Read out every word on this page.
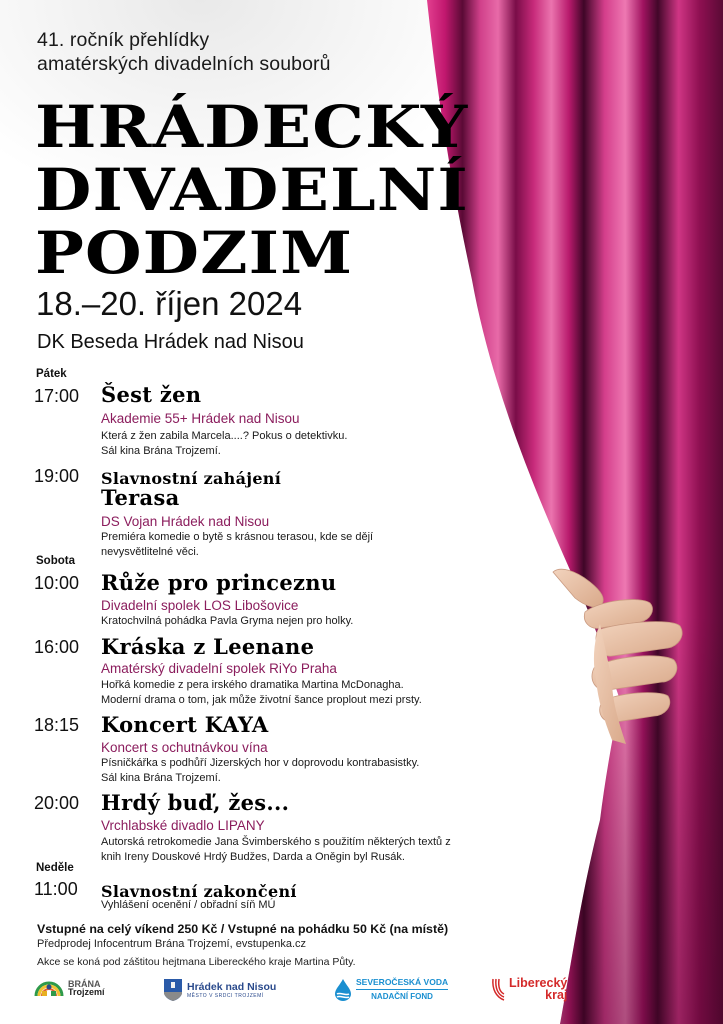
41. ročník přehlídky
amatérských divadelních souborů
HRÁDECKÝ
DIVADELNÍ
PODZIM
18.–20. říjen 2024
DK Beseda Hrádek nad Nisou
Pátek
17:00 Šest žen
Akademie 55+ Hrádek nad Nisou
Která z žen zabila Marcela....? Pokus o detektivku.
Sál kina Brána Trojzemí.
19:00 Slavnostní zahájení
Terasa
DS Vojan Hrádek nad Nisou
Premiéra komedie o bytě s krásnou terasou, kde se dějí
nevysvětlitelné věci.
Sobota
10:00 Růže pro princeznu
Divadelní spolek LOS Libošovice
Kratochvilná pohádka Pavla Gryma nejen pro holky.
16:00 Kráska z Leenane
Amatérský divadelní spolek RiYo Praha
Hořká komedie z pera irského dramatika Martina McDonagha.
Moderní drama o tom, jak může životní šance proplout mezi prsty.
18:15 Koncert KAYA
Koncert s ochutnávkou vína
Písničkářka s podhůří Jizerských hor v doprovodu kontrabasistky.
Sál kina Brána Trojzemí.
20:00 Hrdý buď, žes...
Vrchlabské divadlo LIPANY
Autorská retrokomedie Jana Švimberského s použitím některých textů z
knih Ireny Douskové Hrdý Budžes, Darda a Oněgin byl Rusák.
Neděle
11:00 Slavnostní zakončení
Vyhlášení ocenění / obřadní síň MÚ
Vstupné na celý víkend 250 Kč / Vstupné na pohádku 50 Kč (na místě)
Předprodej Infocentrum Brána Trojzemí, evstupenka.cz
Akce se koná pod záštitou hejtmana Libereckého kraje Martina Půty.
BRÁNA
Trojzemí	Hrádek nad Nisou
MĚSTO V SRDCI TROJZEMÍ
SEVEROČESKÁ VODA
NADAČNÍ FOND
Liberecký
kraj
